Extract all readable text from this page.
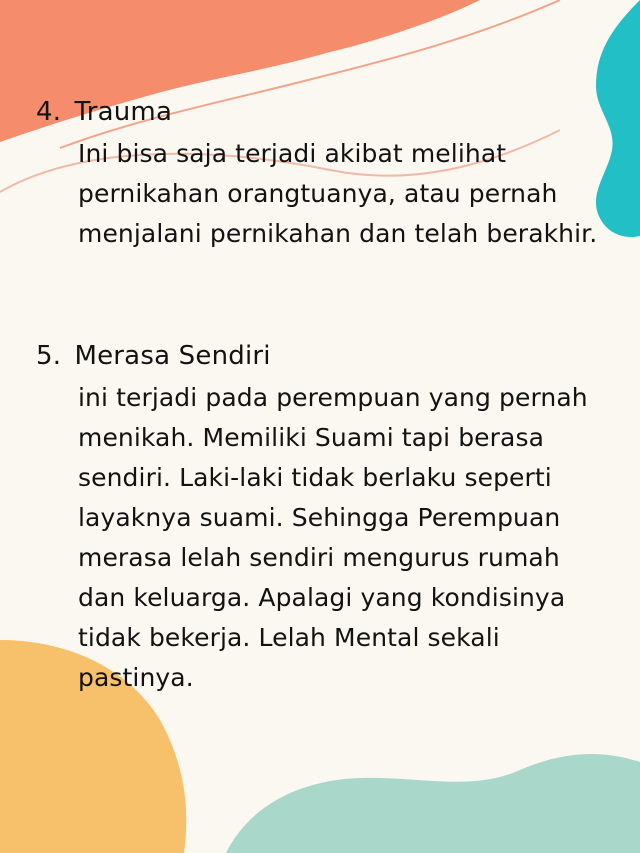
4. Trauma
Ini bisa saja terjadi akibat melihat
pernikahan orangtuanya, atau pernah
menjalani pernikahan dan telah berakhir.
5. Merasa Sendiri
ini terjadi pada perempuan yang pernah
menikah. Memiliki Suami tapi berasa
sendiri. Laki-laki tidak berlaku seperti
layaknya suami. Sehingga Perempuan
merasa lelah sendiri mengurus rumah
dan keluarga. Apalagi yang kondisinya
tidak bekerja. Lelah Mental sekali
pastinya.
